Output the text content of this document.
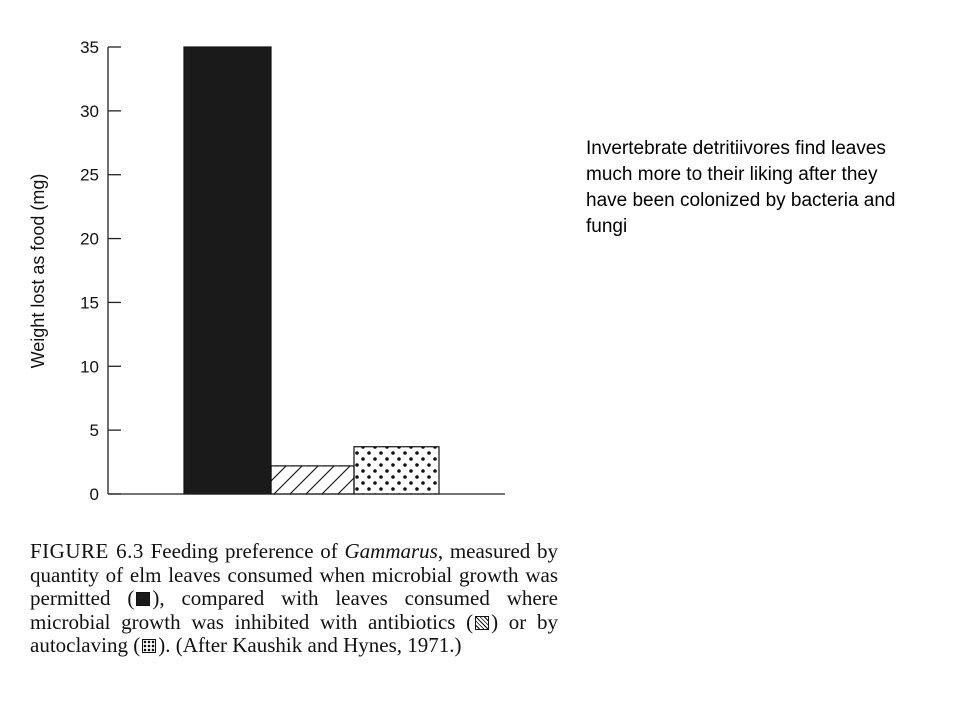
0
5
10
15
20
25
30
35
Weight lost as food (mg)
Invertebrate detritiivores find leaves much more to their liking after they have been colonized by bacteria and fungi
FIGURE 6.3 Feeding preference of Gammarus, measured by quantity of elm leaves consumed when microbial growth was permitted ( ), compared with leaves consumed where microbial growth was inhibited with antibiotics ( ) or by autoclaving ( ). (After Kaushik and Hynes, 1971.)
